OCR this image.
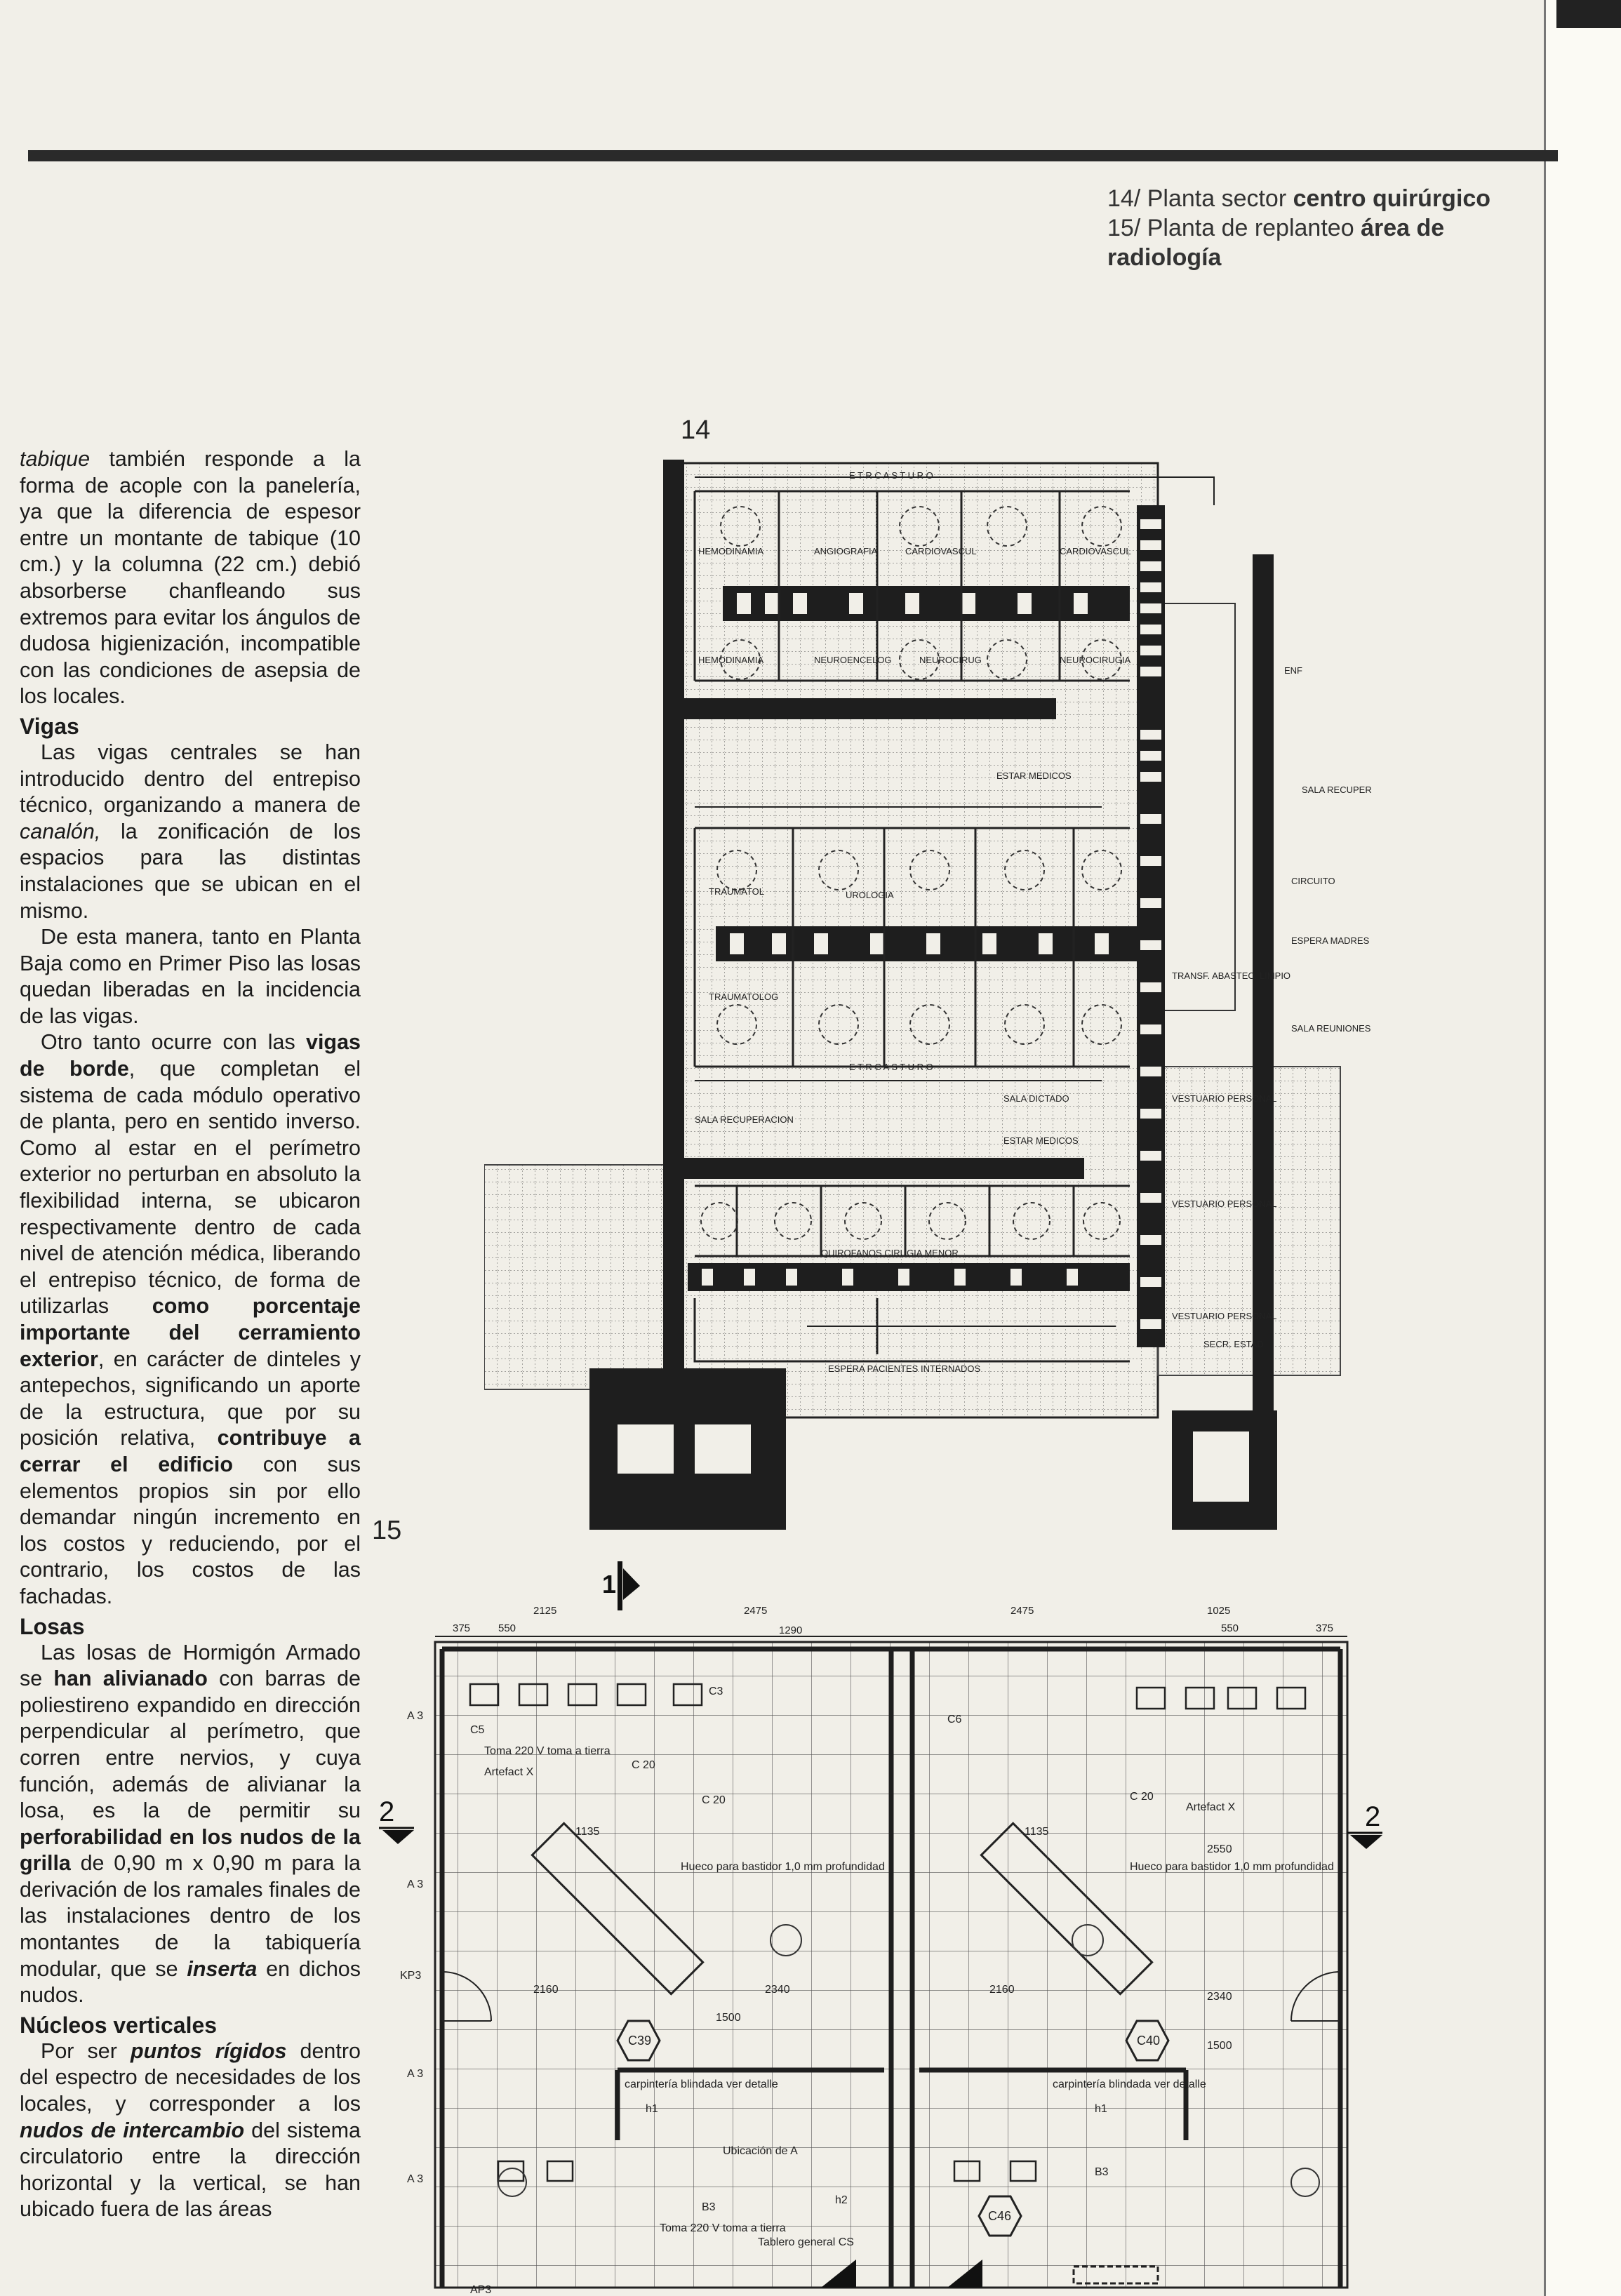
14/ Planta sector centro quirúrgico
15/ Planta de replanteo área de radiología
14
15

tabique también responde a la forma de acople con la panelería, ya que la diferencia de espesor entre un montante de tabique (10 cm.) y la columna (22 cm.) debió absorberse chanfleando sus extremos para evitar los ángulos de dudosa higienización, incompatible con las condiciones de asepsia de los locales.

Vigas

Las vigas centrales se han introducido dentro del entrepiso técnico, organizando a manera de canalón, la zonificación de los espacios para las distintas instalaciones que se ubican en el mismo.

De esta manera, tanto en Planta Baja como en Primer Piso las losas quedan liberadas en la incidencia de las vigas.

Otro tanto ocurre con las vigas de borde, que completan el sistema de cada módulo operativo de planta, pero en sentido inverso. Como al estar en el perímetro exterior no perturban en absoluto la flexibilidad interna, se ubicaron respectivamente dentro de cada nivel de atención médica, liberando el entrepiso técnico, de forma de utilizarlas como porcentaje importante del cerramiento exterior, en carácter de dinteles y antepechos, significando un aporte de la estructura, que por su posición relativa, contribuye a cerrar el edificio con sus elementos propios sin por ello demandar ningún incremento en los costos y reduciendo, por el contrario, los costos de las fachadas.

Losas

Las losas de Hormigón Armado se han alivianado con barras de poliestireno expandido en dirección perpendicular al perímetro, que corren entre nervios, y cuya función, además de alivianar la losa, es la de permitir su perforabilidad en los nudos de la grilla de 0,90 m x 0,90 m para la derivación de los ramales finales de las instalaciones dentro de los montantes de la tabiquería modular, que se inserta en dichos nudos.

Núcleos verticales

Por ser puntos rígidos dentro del espectro de necesidades de los locales, y corresponder a los nudos de intercambio del sistema circulatorio entre la dirección horizontal y la vertical, se han ubicado fuera de las áreas

E T R C A S T U R O
HEMODINAMIA	ANGIOGRAFIA	CARDIOVASCUL	CARDIOVASCUL
HEMODINAMIA	NEUROENCELOG	NEUROCIRUG	NEUROCIRUGIA
ENF
ESTAR MEDICOS
SALA RECUPER
CIRCUITO
TRAUMATOL	UROLOGIA
ESPERA MADRES
TRANSF. ABASTEC. LIMPIO
SALA REUNIONES
TRAUMATOLOG
E T R C A S T U R O
SALA DICTADO
SALA RECUPERACION
VESTUARIO PERSONAL
ESTAR MEDICOS
VESTUARIO PERSONAL
QUIROFANOS CIRUGIA MENOR
VESTUARIO PERSONAL
ESPERA PACIENTES INTERNADOS
SECR. ESTAD
375	550
2125	2475
1290
2475	1025
550	375
1
2	2
A 3
A 3
KP3
A 3
A 3
AP3
C3
C5
C6
C 20
C 20	C 20
B3
B3
Toma 220 V toma a tierra
Toma 220 V toma a tierra
Artefact X
Artefact X
1135	1135
2160	2160
2340
2340
2550
1500
1500
Hueco para bastidor 1,0 mm profundidad	Hueco para bastidor 1,0 mm profundidad
carpintería blindada ver detalle	carpintería blindada ver detalle
Ubicación de A
Tablero general CS
C39	C40
C46
h1	h1
h2
